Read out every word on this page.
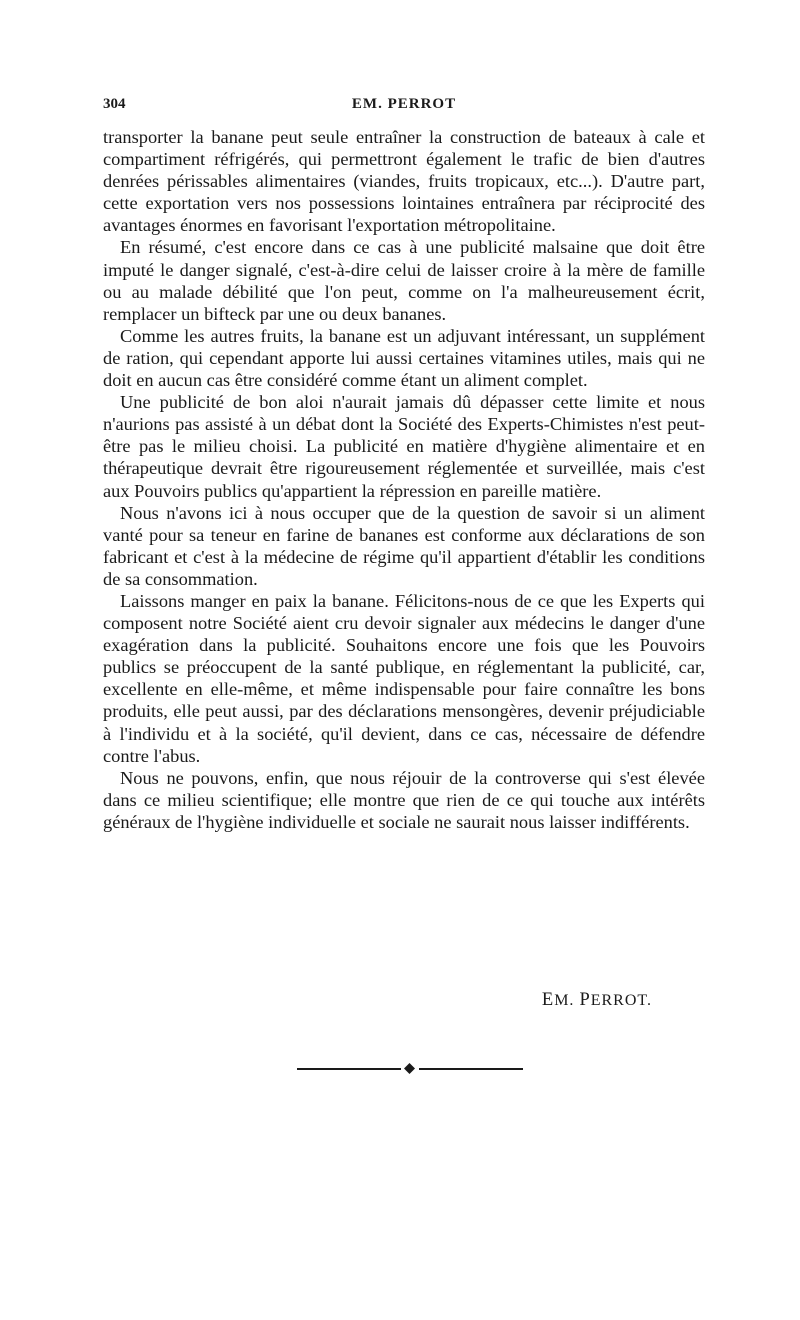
304	EM. PERROT

transporter la banane peut seule entraîner la construction de bateaux à cale et compartiment réfrigérés, qui permettront également le trafic de bien d'autres denrées périssables alimentaires (viandes, fruits tropicaux, etc...). D'autre part, cette exportation vers nos possessions lointaines entraînera par réciprocité des avantages énormes en favorisant l'exportation métropolitaine.

En résumé, c'est encore dans ce cas à une publicité malsaine que doit être imputé le danger signalé, c'est-à-dire celui de laisser croire à la mère de famille ou au malade débilité que l'on peut, comme on l'a malheureusement écrit, remplacer un bifteck par une ou deux bananes.

Comme les autres fruits, la banane est un adjuvant intéressant, un supplément de ration, qui cependant apporte lui aussi certaines vitamines utiles, mais qui ne doit en aucun cas être considéré comme étant un aliment complet.

Une publicité de bon aloi n'aurait jamais dû dépasser cette limite et nous n'aurions pas assisté à un débat dont la Société des Experts-Chimistes n'est peut-être pas le milieu choisi. La publicité en matière d'hygiène alimentaire et en thérapeutique devrait être rigoureusement réglementée et surveillée, mais c'est aux Pouvoirs publics qu'appartient la répression en pareille matière.

Nous n'avons ici à nous occuper que de la question de savoir si un aliment vanté pour sa teneur en farine de bananes est conforme aux déclarations de son fabricant et c'est à la médecine de régime qu'il appartient d'établir les conditions de sa consommation.

Laissons manger en paix la banane. Félicitons-nous de ce que les Experts qui composent notre Société aient cru devoir signaler aux médecins le danger d'une exagération dans la publicité. Souhaitons encore une fois que les Pouvoirs publics se préoccupent de la santé publique, en réglementant la publicité, car, excellente en elle-même, et même indispensable pour faire connaître les bons produits, elle peut aussi, par des déclarations mensongères, devenir préjudiciable à l'individu et à la société, qu'il devient, dans ce cas, nécessaire de défendre contre l'abus.

Nous ne pouvons, enfin, que nous réjouir de la controverse qui s'est élevée dans ce milieu scientifique; elle montre que rien de ce qui touche aux intérêts généraux de l'hygiène individuelle et sociale ne saurait nous laisser indifférents.

EM. PERROT.
